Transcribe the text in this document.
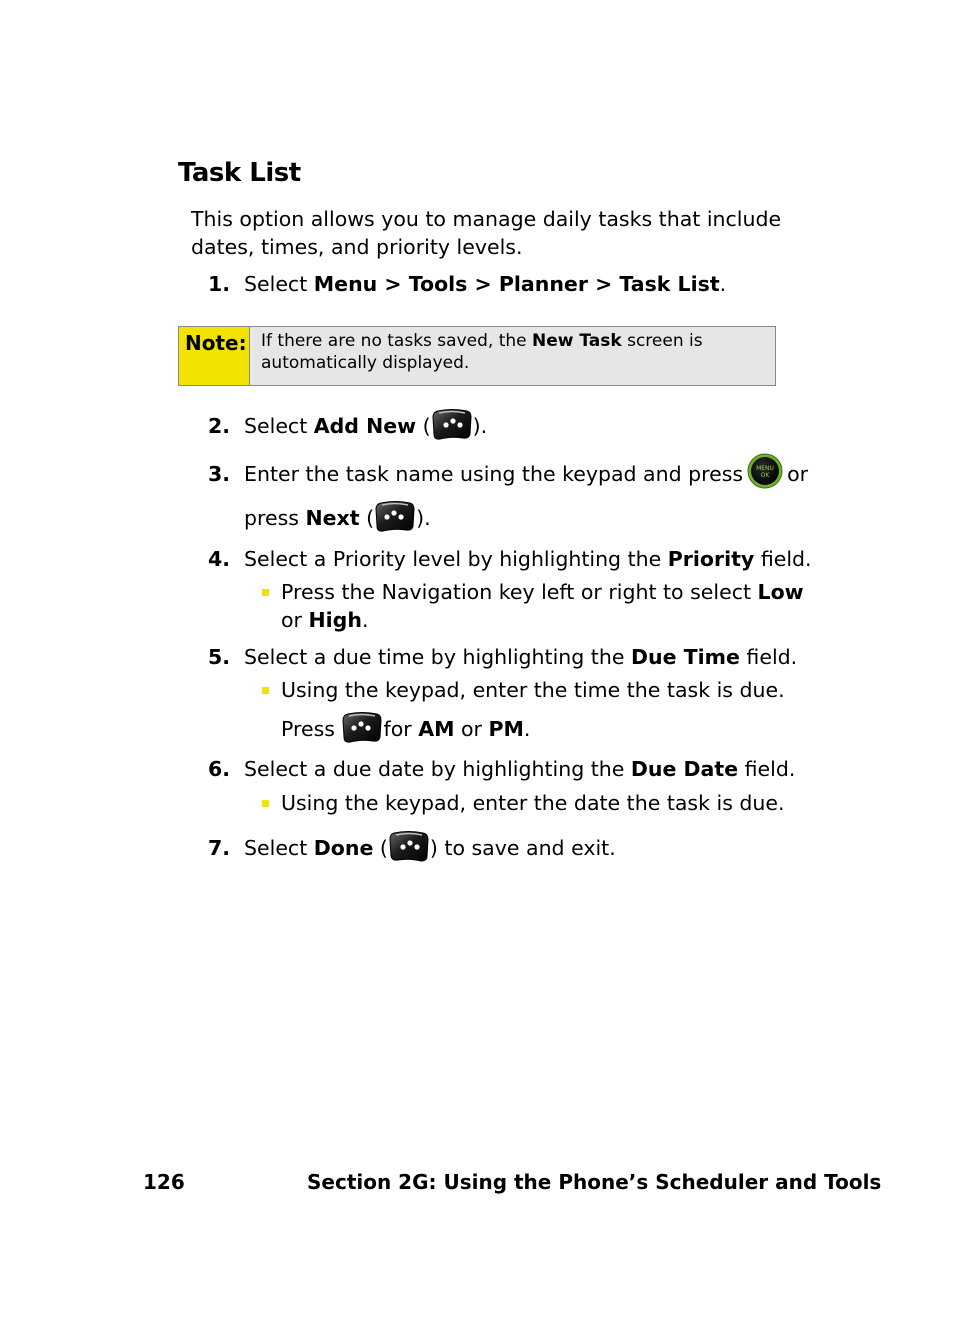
Task List
This option allows you to manage daily tasks that include dates, times, and priority levels.
1. Select Menu > Tools > Planner > Task List.
Note: If there are no tasks saved, the New Task screen is automatically displayed.
2. Select Add New ( ).
3. Enter the task name using the keypad and press MENU
OK or
press Next ( ).
4. Select a Priority level by highlighting the Priority field.
Press the Navigation key left or right to select Low
or High.
5. Select a due time by highlighting the Due Time field.
Using the keypad, enter the time the task is due.
Press for AM or PM.
6. Select a due date by highlighting the Due Date field.
Using the keypad, enter the date the task is due.
7. Select Done ( ) to save and exit.
126	Section 2G: Using the Phone’s Scheduler and Tools
